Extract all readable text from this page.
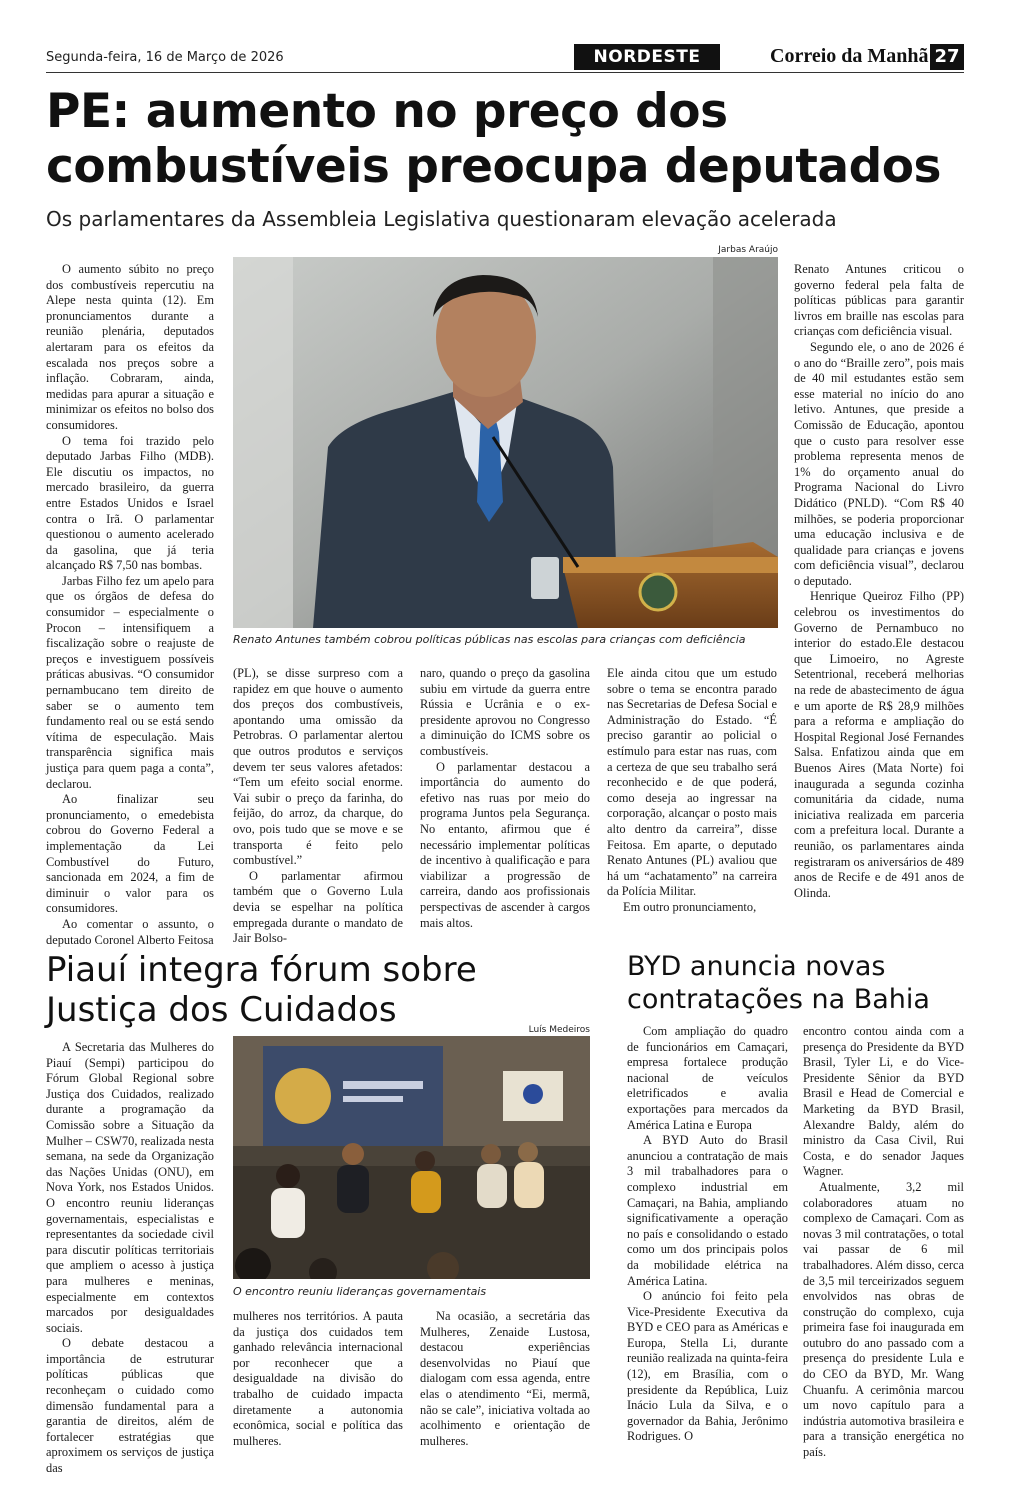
Segunda-feira, 16 de Março de 2026	NORDESTE	Correio da Manhã 27
PE: aumento no preço dos combustíveis preocupa deputados
Os parlamentares da Assembleia Legislativa questionaram elevação acelerada
Jarbas Araújo
Renato Antunes também cobrou políticas públicas nas escolas para crianças com deficiência

O aumento súbito no preço dos combustíveis repercutiu na Alepe nesta quinta (12). Em pronunciamentos durante a reunião plenária, deputados alertaram para os efeitos da escalada nos preços sobre a inflação. Cobraram, ainda, medidas para apurar a situação e minimizar os efeitos no bolso dos consumidores.

O tema foi trazido pelo deputado Jarbas Filho (MDB). Ele discutiu os impactos, no mercado brasileiro, da guerra entre Estados Unidos e Israel contra o Irã. O parlamentar questionou o aumento acelerado da gasolina, que já teria alcançado R$ 7,50 nas bombas.

Jarbas Filho fez um apelo para que os órgãos de defesa do consumidor – especialmente o Procon – intensifiquem a fiscalização sobre o reajuste de preços e investiguem possíveis práticas abusivas. “O consumidor pernambucano tem direito de saber se o aumento tem fundamento real ou se está sendo vítima de especulação. Mais transparência significa mais justiça para quem paga a conta”, declarou.

Ao finalizar seu pronunciamento, o emedebista cobrou do Governo Federal a implementação da Lei Combustível do Futuro, sancionada em 2024, a fim de diminuir o valor para os consumidores.

Ao comentar o assunto, o deputado Coronel Alberto Feitosa

(PL), se disse surpreso com a rapidez em que houve o aumento dos preços dos combustíveis, apontando uma omissão da Petrobras. O parlamentar alertou que outros produtos e serviços devem ter seus valores afetados: “Tem um efeito social enorme. Vai subir o preço da farinha, do feijão, do arroz, da charque, do ovo, pois tudo que se move e se transporta é feito pelo combustível.”

O parlamentar afirmou também que o Governo Lula devia se espelhar na política empregada durante o mandato de Jair Bolso-

naro, quando o preço da gasolina subiu em virtude da guerra entre Rússia e Ucrânia e o ex-presidente aprovou no Congresso a diminuição do ICMS sobre os combustíveis.

O parlamentar destacou a importância do aumento do efetivo nas ruas por meio do programa Juntos pela Segurança. No entanto, afirmou que é necessário implementar políticas de incentivo à qualificação e para viabilizar a progressão de carreira, dando aos profissionais perspectivas de ascender à cargos mais altos.

Ele ainda citou que um estudo sobre o tema se encontra parado nas Secretarias de Defesa Social e Administração do Estado. “É preciso garantir ao policial o estímulo para estar nas ruas, com a certeza de que seu trabalho será reconhecido e de que poderá, como deseja ao ingressar na corporação, alcançar o posto mais alto dentro da carreira”, disse Feitosa. Em aparte, o deputado Renato Antunes (PL) avaliou que há um “achatamento” na carreira da Polícia Militar.

Em outro pronunciamento,

Renato Antunes criticou o governo federal pela falta de políticas públicas para garantir livros em braille nas escolas para crianças com deficiência visual.

Segundo ele, o ano de 2026 é o ano do “Braille zero”, pois mais de 40 mil estudantes estão sem esse material no início do ano letivo. Antunes, que preside a Comissão de Educação, apontou que o custo para resolver esse problema representa menos de 1% do orçamento anual do Programa Nacional do Livro Didático (PNLD). “Com R$ 40 milhões, se poderia proporcionar uma educação inclusiva e de qualidade para crianças e jovens com deficiência visual”, declarou o deputado.

Henrique Queiroz Filho (PP) celebrou os investimentos do Governo de Pernambuco no interior do estado.Ele destacou que Limoeiro, no Agreste Setentrional, receberá melhorias na rede de abastecimento de água e um aporte de R$ 28,9 milhões para a reforma e ampliação do Hospital Regional José Fernandes Salsa. Enfatizou ainda que em Buenos Aires (Mata Norte) foi inaugurada a segunda cozinha comunitária da cidade, numa iniciativa realizada em parceria com a prefeitura local. Durante a reunião, os parlamentares ainda registraram os aniversários de 489 anos de Recife e de 491 anos de Olinda.

Piauí integra fórum sobre Justiça dos Cuidados	Luís Medeiros
O encontro reuniu lideranças governamentais

A Secretaria das Mulheres do Piauí (Sempi) participou do Fórum Global Regional sobre Justiça dos Cuidados, realizado durante a programação da Comissão sobre a Situação da Mulher – CSW70, realizada nesta semana, na sede da Organização das Nações Unidas (ONU), em Nova York, nos Estados Unidos. O encontro reuniu lideranças governamentais, especialistas e representantes da sociedade civil para discutir políticas territoriais que ampliem o acesso à justiça para mulheres e meninas, especialmente em contextos marcados por desigualdades sociais.

O debate destacou a importância de estruturar políticas públicas que reconheçam o cuidado como dimensão fundamental para a garantia de direitos, além de fortalecer estratégias que aproximem os serviços de justiça das

mulheres nos territórios. A pauta da justiça dos cuidados tem ganhado relevância internacional por reconhecer que a desigualdade na divisão do trabalho de cuidado impacta diretamente a autonomia econômica, social e política das mulheres.

Na ocasião, a secretária das Mulheres, Zenaide Lustosa, destacou experiências desenvolvidas no Piauí que dialogam com essa agenda, entre elas o atendimento “Ei, mermã, não se cale”, iniciativa voltada ao acolhimento e orientação de mulheres.

BYD anuncia novas contratações na Bahia

Com ampliação do quadro de funcionários em Camaçari, empresa fortalece produção nacional de veículos eletrificados e avalia exportações para mercados da América Latina e Europa

A BYD Auto do Brasil anunciou a contratação de mais 3 mil trabalhadores para o complexo industrial em Camaçari, na Bahia, ampliando significativamente a operação no país e consolidando o estado como um dos principais polos da mobilidade elétrica na América Latina.

O anúncio foi feito pela Vice-Presidente Executiva da BYD e CEO para as Américas e Europa, Stella Li, durante reunião realizada na quinta-feira (12), em Brasília, com o presidente da República, Luiz Inácio Lula da Silva, e o governador da Bahia, Jerônimo Rodrigues. O

encontro contou ainda com a presença do Presidente da BYD Brasil, Tyler Li, e do Vice-Presidente Sênior da BYD Brasil e Head de Comercial e Marketing da BYD Brasil, Alexandre Baldy, além do ministro da Casa Civil, Rui Costa, e do senador Jaques Wagner.

Atualmente, 3,2 mil colaboradores atuam no complexo de Camaçari. Com as novas 3 mil contratações, o total vai passar de 6 mil trabalhadores. Além disso, cerca de 3,5 mil terceirizados seguem envolvidos nas obras de construção do complexo, cuja primeira fase foi inaugurada em outubro do ano passado com a presença do presidente Lula e do CEO da BYD, Mr. Wang Chuanfu. A cerimônia marcou um novo capítulo para a indústria automotiva brasileira e para a transição energética no país.
